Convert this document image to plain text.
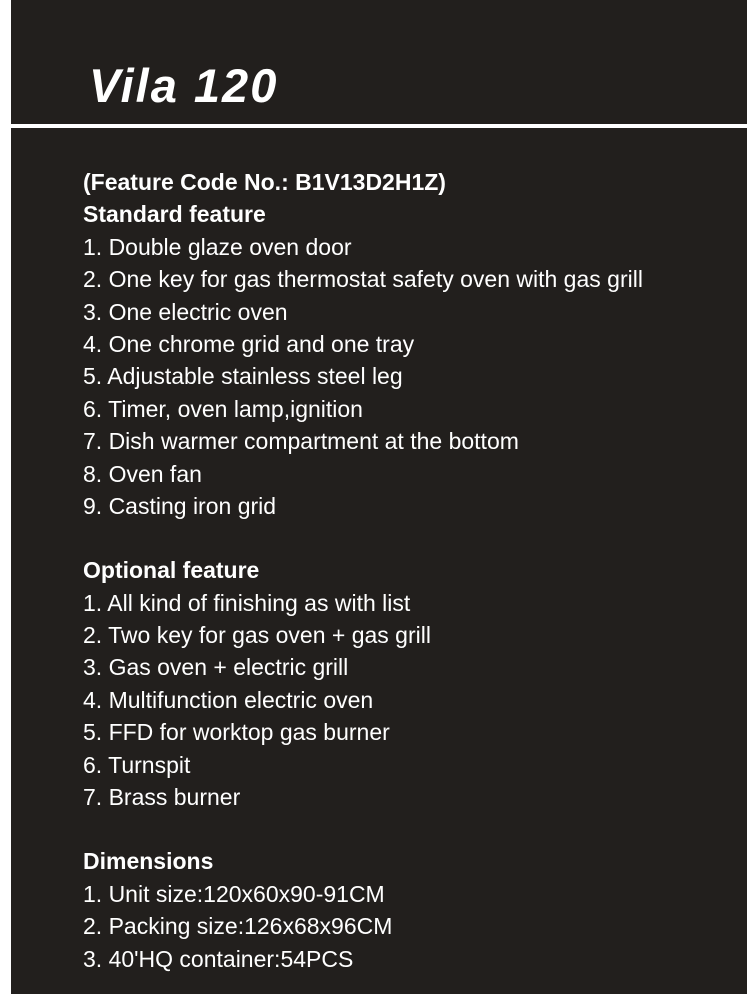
Vila 120
(Feature Code No.: B1V13D2H1Z)
Standard feature
1. Double glaze oven door
2. One key for gas thermostat safety oven with gas grill
3. One electric oven
4. One chrome grid and one tray
5. Adjustable stainless steel leg
6. Timer, oven lamp,ignition
7. Dish warmer compartment at the bottom
8. Oven fan
9. Casting iron grid
Optional feature
1. All kind of finishing as with list
2. Two key for gas oven + gas grill
3. Gas oven + electric grill
4. Multifunction electric oven
5. FFD for worktop gas burner
6. Turnspit
7. Brass burner
Dimensions
1. Unit size:120x60x90-91CM
2. Packing size:126x68x96CM
3. 40'HQ container:54PCS
